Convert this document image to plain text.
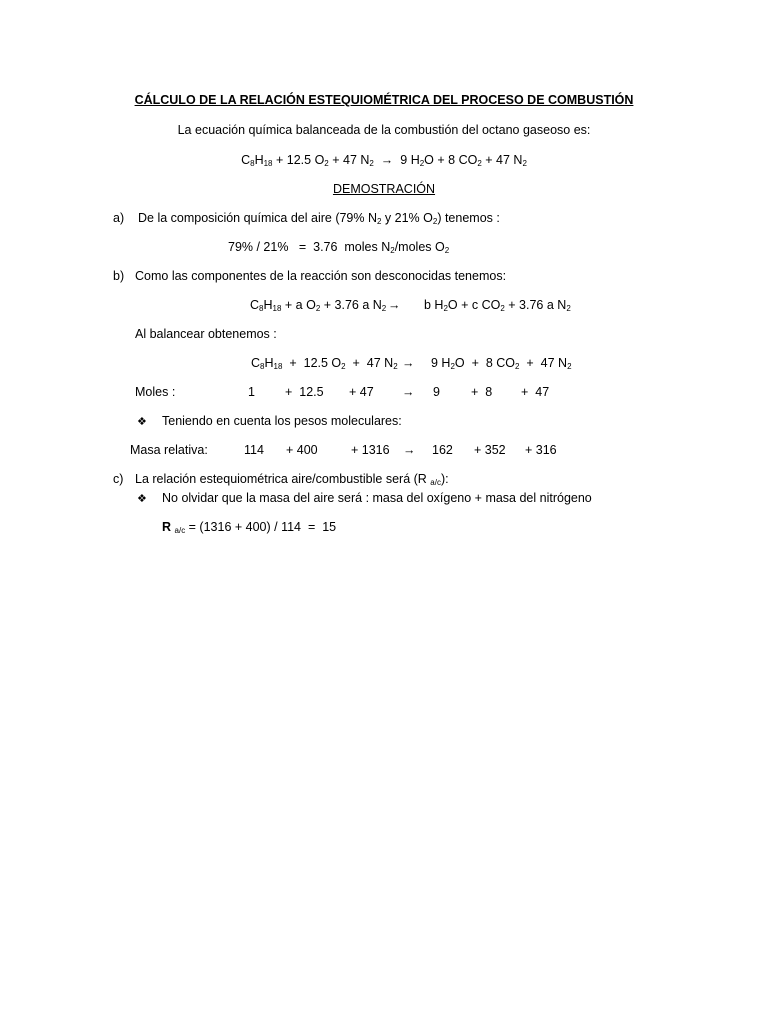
CÁLCULO DE LA RELACIÓN ESTEQUIOMÉTRICA DEL PROCESO DE COMBUSTIÓN
La ecuación química balanceada de la combustión del octano gaseoso es:
$C_8H_{18} + 12.5$ $O_2 + 47$ $N_2 \to 9$ $H_2O + 8$ $CO_2 + 47$ $N_2$
DEMOSTRACIÓN
a) De la composición química del aire (79% $N_2$ y 21% $O_2$) tenemos :
79% / 21%   =  3.76  moles $N_2$/moles $O_2$
b) Como las componentes de la reacción son desconocidas tenemos:
$C_8H_{18} + a$ $O_2 + 3.76$ a $N_2 \to b$ $H_2O + c$ $CO_2 + 3.76$ a $N_2$
Al balancear obtenemos :
$C_8H_{18} + 12.5$ $O_2 + 47$ $N_2 \to 9$ $H_2O + 8$ $CO_2 + 47$ $N_2$
Moles :	1 +  12.5 + 47 → 9 +  8 +  47
❖ Teniendo en cuenta los pesos moleculares:
Masa relativa:	114 + 400	+ 1316 → 162 + 352 + 316
c) La relación estequiométrica aire/combustible será (R $_{a/c}$):
❖ No olvidar que la masa del aire será : masa del oxígeno + masa del nitrógeno
R $_{a/c}$ = (1316 + 400) / 114  =  15
